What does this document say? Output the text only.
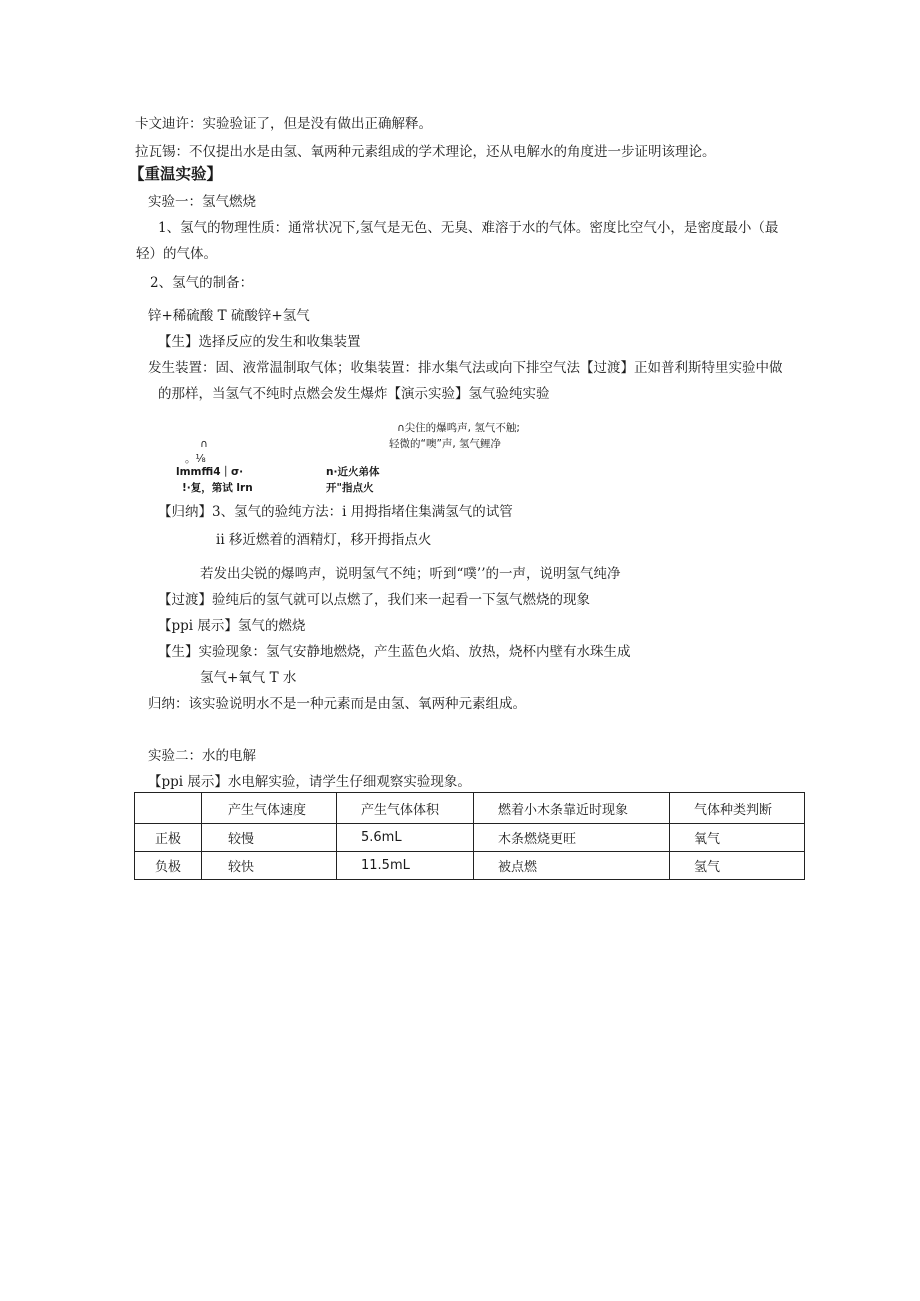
卡文迪许：实验验证了，但是没有做出正确解释。
拉瓦锡：不仅提出水是由氢、氧两种元素组成的学术理论，还从电解水的角度进一步证明该理论。
【重温实验】
实验一：氢气燃烧
1、氢气的物理性质：通常状况下,氢气是无色、无臭、难溶于水的气体。密度比空气小，是密度最小（最
轻）的气体。
2、氢气的制备：
锌+稀硫酸 T 硫酸锌+氢气
【生】选择反应的发生和收集装置
发生装置：固、液常温制取气体；收集装置：排水集气法或向下排空气法【过渡】正如普利斯特里实验中做
的那样，当氢气不纯时点燃会发生爆炸【演示实验】氢气验纯实验
∩尖住的爆鸣声, 氢气不触;
∩	轻微的“噢”声, 氢气鲤净
。⅛
lmmffi4｜σ·	n·近火弟体
!·复，第试 lrn	开"指点火
【归纳】3、氢气的验纯方法：i 用拇指堵住集满氢气的试管
ii 移近燃着的酒精灯，移开拇指点火
若发出尖锐的爆鸣声，说明氢气不纯；听到“噗’’的一声，说明氢气纯净
【过渡】验纯后的氢气就可以点燃了，我们来一起看一下氢气燃烧的现象
【ppi 展示】氢气的燃烧
【生】实验现象：氢气安静地燃烧，产生蓝色火焰、放热，烧杯内壁有水珠生成
氢气+氧气 T 水
归纳：该实验说明水不是一种元素而是由氢、氧两种元素组成。
实验二：水的电解
【ppi 展示】水电解实验，请学生仔细观察实验现象。
	产生气体速度	产生气体体积	燃着小木条靠近时现象	气体种类判断
正极	较慢	5.6mL	木条燃烧更旺	氧气
负极	较快	11.5mL	被点燃	氢气
